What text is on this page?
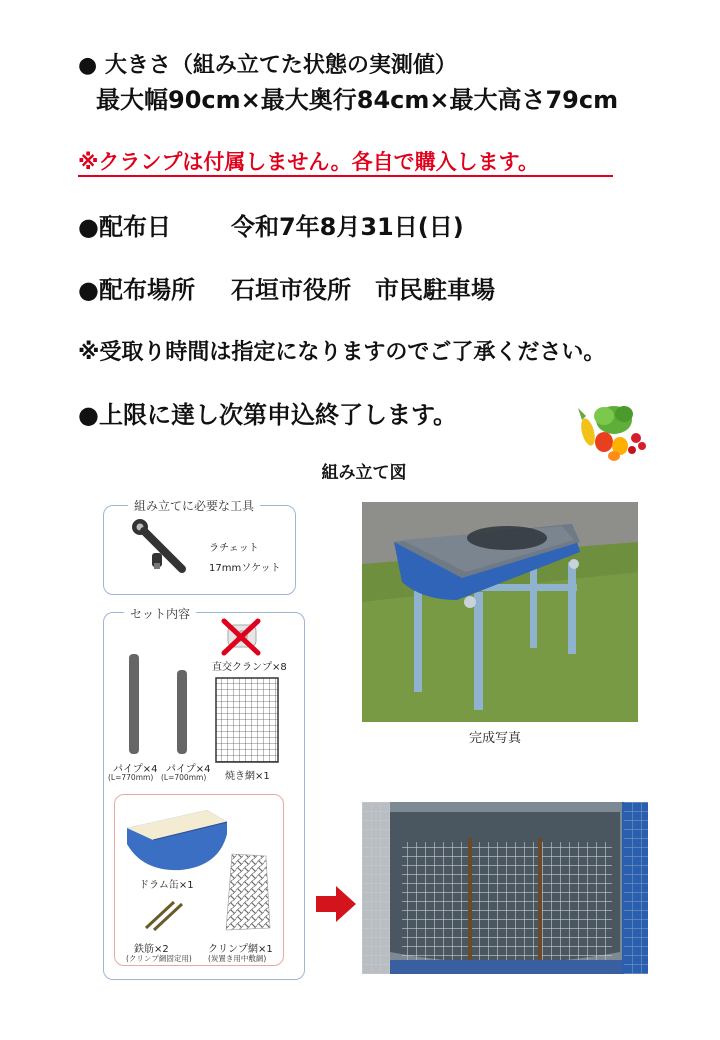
● 大きさ（組み立てた状態の実測値）
最大幅90cm×最大奥行84cm×最大高さ79cm
※クランプは付属しません。各自で購入します。
●配布日	令和7年8月31日(日)
●配布場所 石垣市役所　市民駐車場
※受取り時間は指定になりますのでご了承ください。
●上限に達し次第申込終了します。
組み立て図
組み立てに必要な工具
ラチェット
17mmソケット
セット内容
直交クランプ×8
パイプ×4
(L=770mm)
パイプ×4
(L=700mm) 焼き網×1
ドラム缶×1
鉄筋×2
(クリンプ網固定用)
クリンプ網×1
(炭置き用中敷網)
完成写真
